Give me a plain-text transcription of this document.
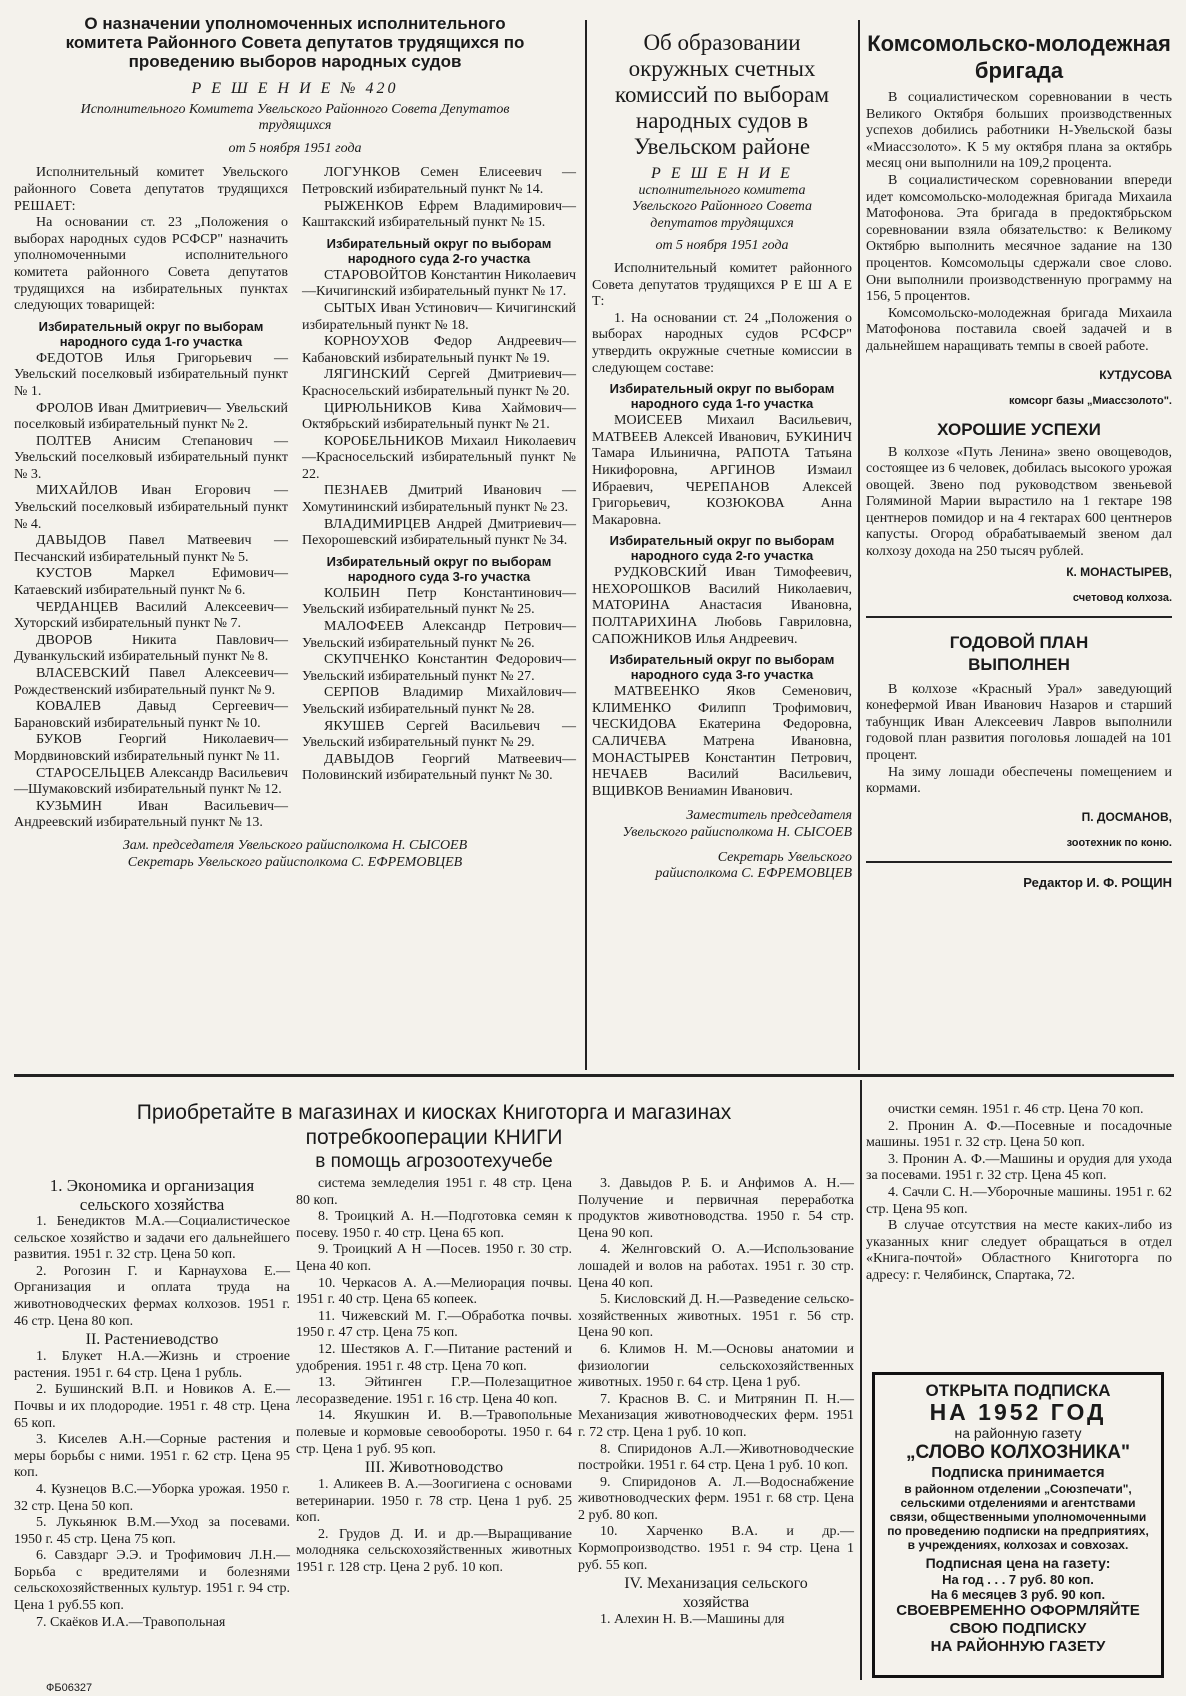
О назначении уполномоченных исполнительного комитета Районного Совета депутатов трудящихся по проведению выборов народных судов

Р Е Ш Е Н И Е № 420

Исполнительного Комитета Увельского Районного Совета Депутатов трудящихся

от 5 ноября 1951 года

Исполнительный комитет Увельского районного Совета депутатов трудящихся РЕШАЕТ:

На основании ст. 23 „Положения о выборах народных судов РСФСР" назначить уполномоченными исполнительного комитета районного Совета депутатов трудящихся на избирательных пунктах следующих товарищей:

Избирательный округ по выборам народного суда 1-го участка

ФЕДОТОВ Илья Григорьевич —Увельский поселковый избирательный пункт № 1.

ФРОЛОВ Иван Дмитриевич— Увельский поселковый избирательный пункт № 2.

ПОЛТЕВ Анисим Степанович —Увельский поселковый избирательный пункт № 3.

МИХАЙЛОВ Иван Егорович —Увельский поселковый избирательный пункт № 4.

ДАВЫДОВ Павел Матвеевич —Песчанский избирательный пункт № 5.

КУСТОВ Маркел Ефимович— Катаевский избирательный пункт № 6.

ЧЕРДАНЦЕВ Василий Алексеевич—Хуторский избирательный пункт № 7.

ДВОРОВ Никита Павлович— Дуванкульский избирательный пункт № 8.

ВЛАСЕВСКИЙ Павел Алексеевич—Рождественский избирательный пункт № 9.

КОВАЛЕВ Давыд Сергеевич— Барановский избирательный пункт № 10.

БУКОВ Георгий Николаевич— Мордвиновский избирательный пункт № 11.

СТАРОСЕЛЬЦЕВ Александр Васильевич—Шумаковский избирательный пункт № 12.

КУЗЬМИН Иван Васильевич— Андреевский избирательный пункт № 13.

ЛОГУНКОВ Семен Елисеевич —Петровский избирательный пункт № 14.

РЫЖЕНКОВ Ефрем Владимирович—Каштакский избирательный пункт № 15.

Избирательный округ по выборам народного суда 2-го участка

СТАРОВОЙТОВ Константин Николаевич—Кичигинский избирательный пункт № 17.

СЫТЫХ Иван Устинович— Кичигинский избирательный пункт № 18.

КОРНОУХОВ Федор Андреевич—Кабановский избирательный пункт № 19.

ЛЯГИНСКИЙ Сергей Дмитриевич—Красносельский избирательный пункт № 20.

ЦИРЮЛЬНИКОВ Кива Хаймович—Октябрьский избирательный пункт № 21.

КОРОБЕЛЬНИКОВ Михаил Николаевич—Красносельский избирательный пункт № 22.

ПЕЗНАЕВ Дмитрий Иванович —Хомутининский избирательный пункт № 23.

ВЛАДИМИРЦЕВ Андрей Дмитриевич—Пехорошевский избирательный пункт № 34.

Избирательный округ по выборам народного суда 3-го участка

КОЛБИН Петр Константинович— Увельский избирательный пункт № 25.

МАЛОФЕЕВ Александр Петрович—Увельский избирательный пункт № 26.

СКУПЧЕНКО Константин Федорович—Увельский избирательный пункт № 27.

СЕРПОВ Владимир Михайлович—Увельский избирательный пункт № 28.

ЯКУШЕВ Сергей Васильевич —Увельский избирательный пункт № 29.

ДАВЫДОВ Георгий Матвеевич—Половинский избирательный пункт № 30.

Зам. председателя Увельского райисполкома Н. СЫСОЕВ

Секретарь Увельского райисполкома С. ЕФРЕМОВЦЕВ

Об образовании окружных счетных комиссий по выборам народных судов в Увельском районе

Р Е Ш Е Н И Е

исполнительного комитета Увельского Районного Совета депутатов трудящихся

от 5 ноября 1951 года

Исполнительный комитет районного Совета депутатов трудящихся Р Е Ш А Е Т:

1. На основании ст. 24 „Положения о выборах народных судов РСФСР" утвердить окружные счетные комиссии в следующем составе:

Избирательный округ по выборам народного суда 1-го участка

МОИСЕЕВ Михаил Васильевич, МАТВЕЕВ Алексей Иванович, БУКИНИЧ Тамара Ильинична, РАПОТА Татьяна Никифоровна, АРГИНОВ Измаил Ибраевич, ЧЕРЕПАНОВ Алексей Григорьевич, КОЗЮКОВА Анна Макаровна.

Избирательный округ по выборам народного суда 2-го участка

РУДКОВСКИЙ Иван Тимофеевич, НЕХОРОШКОВ Василий Николаевич, МАТОРИНА Анастасия Ивановна, ПОЛТАРИХИНА Любовь Гавриловна, САПОЖНИКОВ Илья Андреевич.

Избирательный округ по выборам народного суда 3-го участка

МАТВЕЕНКО Яков Семенович, КЛИМЕНКО Филипп Трофимович, ЧЕСКИДОВА Екатерина Федоровна, САЛИЧЕВА Матрена Ивановна, МОНАСТЫРЕВ Константин Петрович, НЕЧАЕВ Василий Васильевич, ВЩИВКОВ Вениамин Иванович.

Заместитель председателя Увельского райисполкома Н. СЫСОЕВ

Секретарь Увельского райисполкома С. ЕФРЕМОВЦЕВ

Комсомольско-молодежная бригада

В социалистическом соревновании в честь Великого Октября больших производственных успехов добились работники Н-Увельской базы «Миассзолото». К 5 му октября плана за октябрь месяц они выполнили на 109,2 процента.

В социалистическом соревновании впереди идет комсомольско-молодежная бригада Михаила Матофонова. Эта бригада в предоктябрьском соревновании взяла обязательство: к Великому Октябрю выполнить месячное задание на 130 процентов. Комсомольцы сдержали свое слово. Они выполнили производственную программу на 156, 5 процентов.

Комсомольско-молодежная бригада Михаила Матофонова поставила своей задачей и в дальнейшем наращивать темпы в своей работе.

КУТДУСОВА

комсорг базы „Миассзолото".

ХОРОШИЕ УСПЕХИ

В колхозе «Путь Ленина» звено овощеводов, состоящее из 6 человек, добилась высокого урожая овощей. Звено под руководством звеньевой Голяминой Марии вырастило на 1 гектаре 198 центнеров помидор и на 4 гектарах 600 центнеров капусты. Огород обрабатываемый звеном дал колхозу дохода на 250 тысяч рублей.

К. МОНАСТЫРЕВ,

счетовод колхоза.

ГОДОВОЙ ПЛАН ВЫПОЛНЕН

В колхозе «Красный Урал» заведующий конефермой Иван Иванович Назаров и старший табунщик Иван Алексеевич Лавров выполнили годовой план развития поголовья лошадей на 101 процент.

На зиму лошади обеспечены помещением и кормами.

П. ДОСМАНОВ,

зоотехник по коню.

Редактор И. Ф. РОЩИН

Приобретайте в магазинах и киосках Книготорга и магазинах
потребкооперации КНИГИ
в помощь агрозоотехучебе

1. Экономика и организация сельского хозяйства

1. Бенедиктов М.А.—Социалистическое сельское хозяйство и задачи его дальнейшего развития. 1951 г. 32 стр. Цена 50 коп.

2. Рогозин Г. и Карнаухова Е.—Организация и оплата труда на животноводческих фермах колхозов. 1951 г. 46 стр. Цена 80 коп.

II. Растениеводство

1. Блукет Н.А.—Жизнь и строение растения. 1951 г. 64 стр. Цена 1 рубль.

2. Бушинский В.П. и Новиков А. Е.—Почвы и их плодородие. 1951 г. 48 стр. Цена 65 коп.

3. Киселев А.Н.—Сорные растения и меры борьбы с ними. 1951 г. 62 стр. Цена 95 коп.

4. Кузнецов В.С.—Уборка урожая. 1950 г. 32 стр. Цена 50 коп.

5. Лукьянюк В.М.—Уход за посевами. 1950 г. 45 стр. Цена 75 коп.

6. Савздарг Э.Э. и Трофимович Л.Н.—Борьба с вредителями и болезнями сельскохозяйственных культур. 1951 г. 94 стр. Цена 1 руб.55 коп.

7. Скаёков И.А.—Травопольная

система земледелия 1951 г. 48 стр. Цена 80 коп.

8. Троицкий А. Н.—Подготовка семян к посеву. 1950 г. 40 стр. Цена 65 коп.

9. Троицкий А Н —Посев. 1950 г. 30 стр. Цена 40 коп.

10. Черкасов А. А.—Мелиорация почвы. 1951 г. 40 стр. Цена 65 копеек.

11. Чижевский М. Г.—Обработка почвы. 1950 г. 47 стр. Цена 75 коп.

12. Шестяков А. Г.—Питание растений и удобрения. 1951 г. 48 стр. Цена 70 коп.

13. Эйтинген Г.Р.—Полезащитное лесоразведение. 1951 г. 16 стр. Цена 40 коп.

14. Якушкин И. В.—Травопольные полевые и кормовые севообороты. 1950 г. 64 стр. Цена 1 руб. 95 коп.

III. Животноводство

1. Аликеев В. А.—Зоогигиена с основами ветеринарии. 1950 г. 78 стр. Цена 1 руб. 25 коп.

2. Грудов Д. И. и др.—Выращивание молодняка сельскохозяйственных животных 1951 г. 128 стр. Цена 2 руб. 10 коп.

3. Давыдов Р. Б. и Анфимов А. Н.—Получение и первичная переработка продуктов животноводства. 1950 г. 54 стр. Цена 90 коп.

4. Желнговский О. А.—Использование лошадей и волов на работах. 1951 г. 30 стр. Цена 40 коп.

5. Кисловский Д. Н.—Разведение сельско-хозяйственных животных. 1951 г. 56 стр. Цена 90 коп.

6. Климов Н. М.—Основы анатомии и физиологии сельскохозяйственных животных. 1950 г. 64 стр. Цена 1 руб.

7. Краснов В. С. и Митрянин П. Н.—Механизация животноводческих ферм. 1951 г. 72 стр. Цена 1 руб. 10 коп.

8. Спиридонов А.Л.—Животноводческие постройки. 1951 г. 64 стр. Цена 1 руб. 10 коп.

9. Спиридонов А. Л.—Водоснабжение животноводческих ферм. 1951 г. 68 стр. Цена 2 руб. 80 коп.

10. Харченко В.А. и др.—Кормопроизводство. 1951 г. 94 стр. Цена 1 руб. 55 коп.

IV. Механизация сельского хозяйства

1. Алехин Н. В.—Машины для

очистки семян. 1951 г. 46 стр. Цена 70 коп.

2. Пронин А. Ф.—Посевные и посадочные машины. 1951 г. 32 стр. Цена 50 коп.

3. Пронин А. Ф.—Машины и орудия для ухода за посевами. 1951 г. 32 стр. Цена 45 коп.

4. Сачли С. Н.—Уборочные машины. 1951 г. 62 стр. Цена 95 коп.

В случае отсутствия на месте каких-либо из указанных книг следует обращаться в отдел «Книга-почтой» Областного Книготорга по адресу: г. Челябинск, Спартака, 72.

ОТКРЫТА ПОДПИСКА
НА 1952 ГОД
на районную газету
„СЛОВО КОЛХОЗНИКА"
Подписка принимается
в районном отделении „Союзпечати", сельскими отделениями и агентствами связи, общественными уполномоченными по проведению подписки на предприятиях, в учреждениях, колхозах и совхозах.
Подписная цена на газету:
На год . . . 7 руб. 80 коп.
На 6 месяцев 3 руб. 90 коп.
СВОЕВРЕМЕННО ОФОРМЛЯЙТЕ
СВОЮ ПОДПИСКУ
НА РАЙОННУЮ ГАЗЕТУ
ФБ06327
